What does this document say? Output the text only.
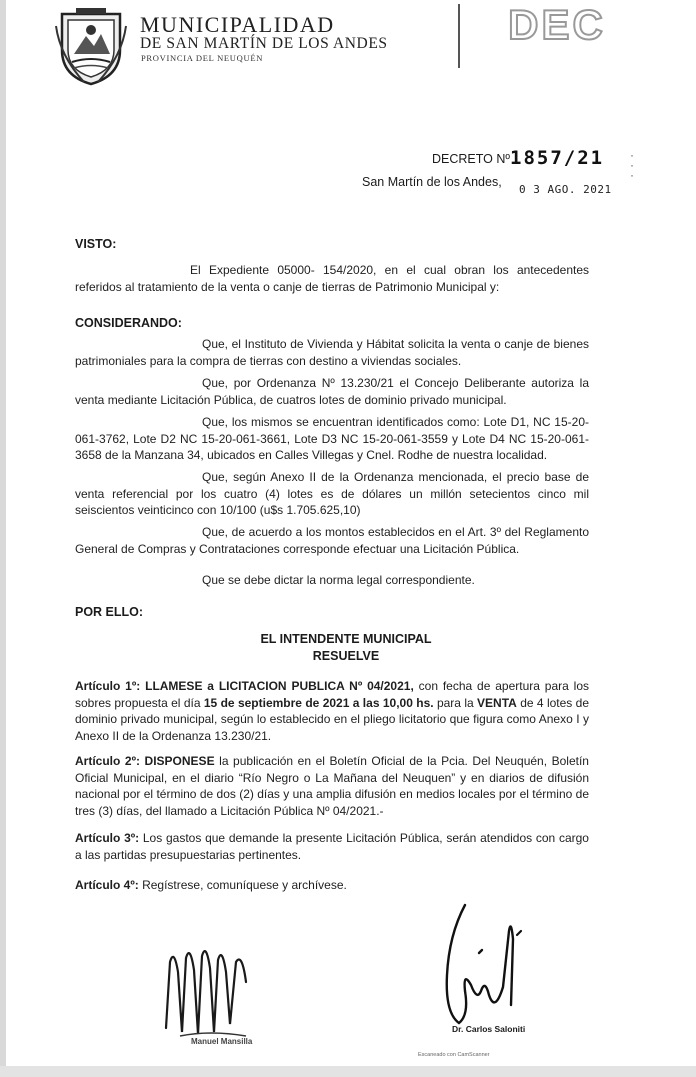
MUNICIPALIDAD
DE SAN MARTÍN DE LOS ANDES
PROVINCIA DEL NEUQUÉN
DEC
DECRETO Nº 1857/21 ·
·
·
San Martín de los Andes,
0 3 AGO. 2021
VISTO:
El Expediente 05000- 154/2020, en el cual obran los antecedentes referidos al tratamiento de la venta o canje de tierras de Patrimonio Municipal y:
CONSIDERANDO:
Que, el Instituto de Vivienda y Hábitat solicita la venta o canje de bienes patrimoniales para la compra de tierras con destino a viviendas sociales.
Que, por Ordenanza Nº 13.230/21 el Concejo Deliberante autoriza la venta mediante Licitación Pública, de cuatros lotes de dominio privado municipal.
Que, los mismos se encuentran identificados como: Lote D1, NC 15-20-061-3762, Lote D2 NC 15-20-061-3661, Lote D3 NC 15-20-061-3559 y Lote D4 NC 15-20-061-3658 de la Manzana 34, ubicados en Calles Villegas y Cnel. Rodhe de nuestra localidad.
Que, según Anexo II de la Ordenanza mencionada, el precio base de venta referencial por los cuatro (4) lotes es de dólares un millón setecientos cinco mil seiscientos veinticinco con 10/100 (u$s 1.705.625,10)
Que, de acuerdo a los montos establecidos en el Art. 3º del Reglamento General de Compras y Contrataciones corresponde efectuar una Licitación Pública.
Que se debe dictar la norma legal correspondiente.
POR ELLO:
EL INTENDENTE MUNICIPAL
RESUELVE
Artículo 1º: LLAMESE a LICITACION PUBLICA Nº 04/2021, con fecha de apertura para los sobres propuesta el día 15 de septiembre de 2021 a las 10,00 hs. para la VENTA de 4 lotes de dominio privado municipal, según lo establecido en el pliego licitatorio que figura como Anexo I y Anexo II de la Ordenanza 13.230/21.
Artículo 2º: DISPONESE la publicación en el Boletín Oficial de la Pcia. Del Neuquén, Boletín Oficial Municipal, en el diario “Río Negro o La Mañana del Neuquen” y en diarios de difusión nacional por el término de dos (2) días y una amplia difusión en medios locales por el término de tres (3) días, del llamado a Licitación Pública Nº 04/2021.-
Artículo 3º: Los gastos que demande la presente Licitación Pública, serán atendidos con cargo a las partidas presupuestarias pertinentes.
Artículo 4º: Regístrese, comuníquese y archívese.
Manuel Mansilla
Dr. Carlos Saloniti
Escaneado con CamScanner
